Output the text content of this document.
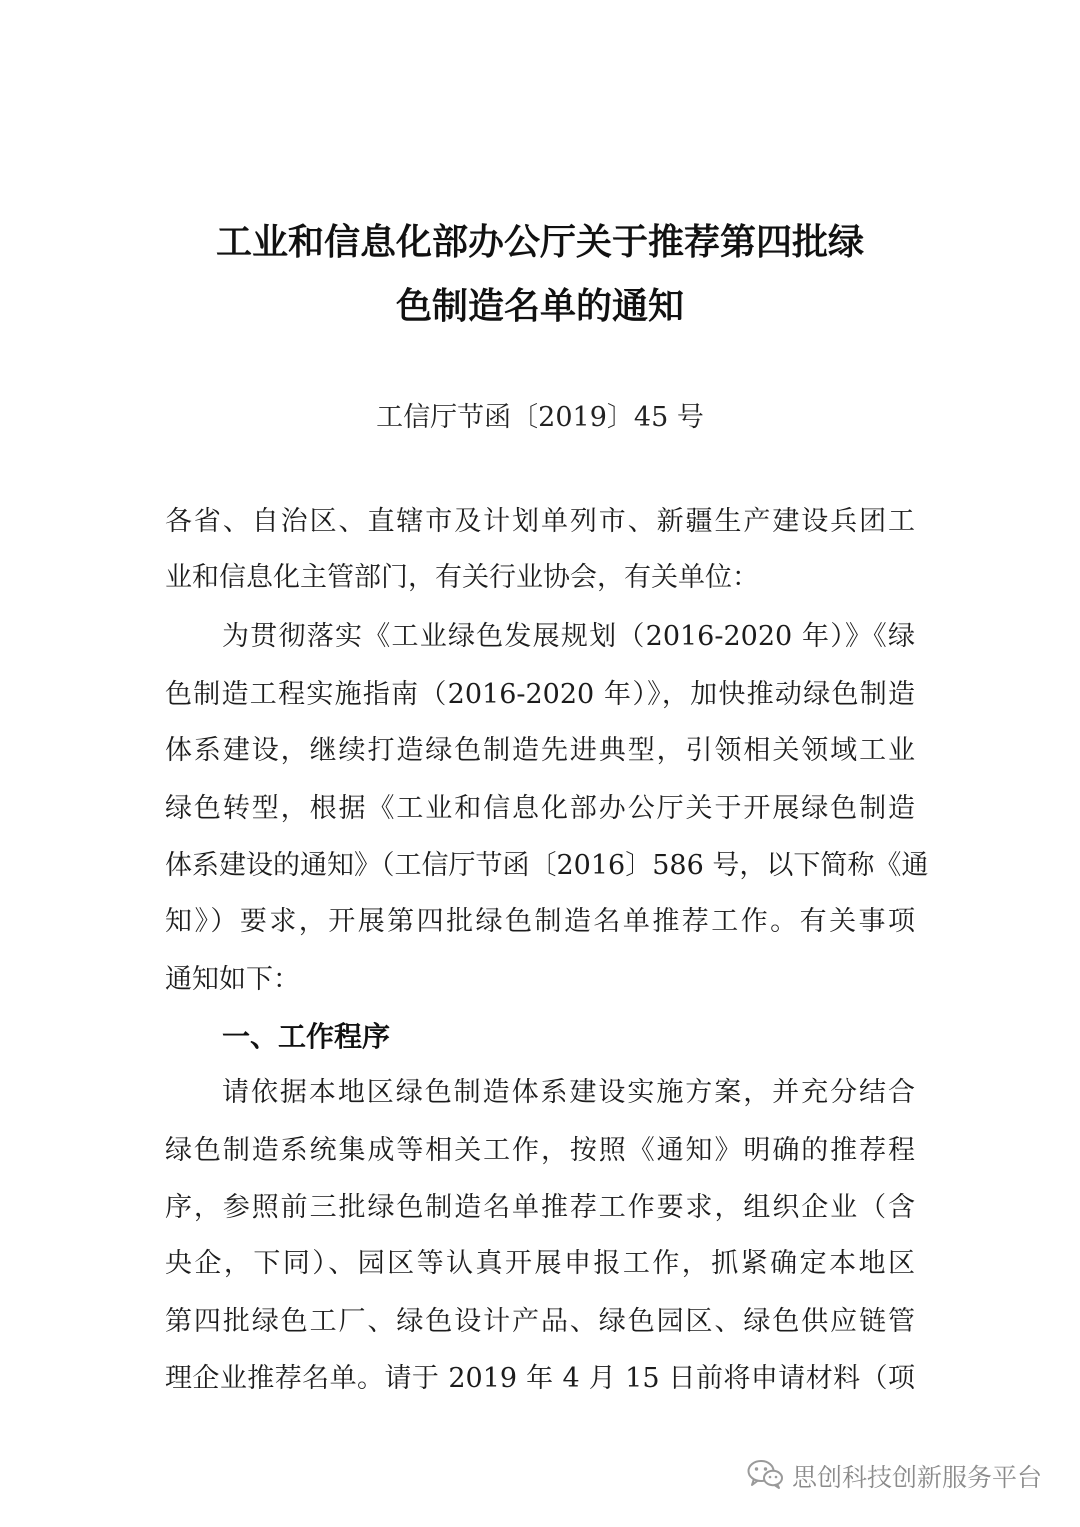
工业和信息化部办公厅关于推荐第四批绿
色制造名单的通知
工信厅节函〔2019〕45 号
各省、自治区、直辖市及计划单列市、新疆生产建设兵团工
业和信息化主管部门，有关行业协会，有关单位：
为贯彻落实《工业绿色发展规划（2016-2020 年）》《绿
色制造工程实施指南（2016-2020 年）》，加快推动绿色制造
体系建设，继续打造绿色制造先进典型，引领相关领域工业
绿色转型，根据《工业和信息化部办公厅关于开展绿色制造
体系建设的通知》（工信厅节函〔2016〕586 号，以下简称《通
知》）要求，开展第四批绿色制造名单推荐工作。有关事项
通知如下：
一、工作程序
请依据本地区绿色制造体系建设实施方案，并充分结合
绿色制造系统集成等相关工作，按照《通知》明确的推荐程
序，参照前三批绿色制造名单推荐工作要求，组织企业（含
央企，下同）、园区等认真开展申报工作，抓紧确定本地区
第四批绿色工厂、绿色设计产品、绿色园区、绿色供应链管
理企业推荐名单。请于 2019 年 4 月 15 日前将申请材料（项
思创科技创新服务平台
